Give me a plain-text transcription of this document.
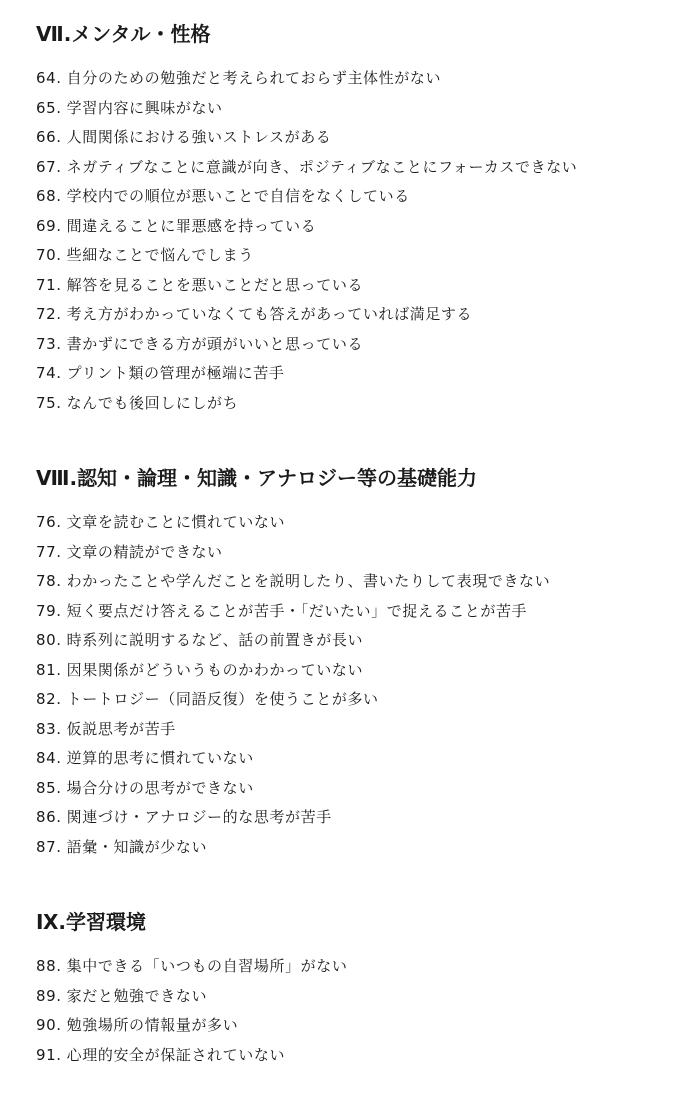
Ⅶ.メンタル・性格
64. 自分のための勉強だと考えられておらず主体性がない
65. 学習内容に興味がない
66. 人間関係における強いストレスがある
67. ネガティブなことに意識が向き、ポジティブなことにフォーカスできない
68. 学校内での順位が悪いことで自信をなくしている
69. 間違えることに罪悪感を持っている
70. 些細なことで悩んでしまう
71. 解答を見ることを悪いことだと思っている
72. 考え方がわかっていなくても答えがあっていれば満足する
73. 書かずにできる方が頭がいいと思っている
74. プリント類の管理が極端に苦手
75. なんでも後回しにしがち
Ⅷ.認知・論理・知識・アナロジー等の基礎能力
76. 文章を読むことに慣れていない
77. 文章の精読ができない
78. わかったことや学んだことを説明したり、書いたりして表現できない
79. 短く要点だけ答えることが苦手・「だいたい」で捉えることが苦手
80. 時系列に説明するなど、話の前置きが長い
81. 因果関係がどういうものかわかっていない
82. トートロジー（同語反復）を使うことが多い
83. 仮説思考が苦手
84. 逆算的思考に慣れていない
85. 場合分けの思考ができない
86. 関連づけ・アナロジー的な思考が苦手
87. 語彙・知識が少ない
Ⅸ.学習環境
88. 集中できる「いつもの自習場所」がない
89. 家だと勉強できない
90. 勉強場所の情報量が多い
91. 心理的安全が保証されていない
